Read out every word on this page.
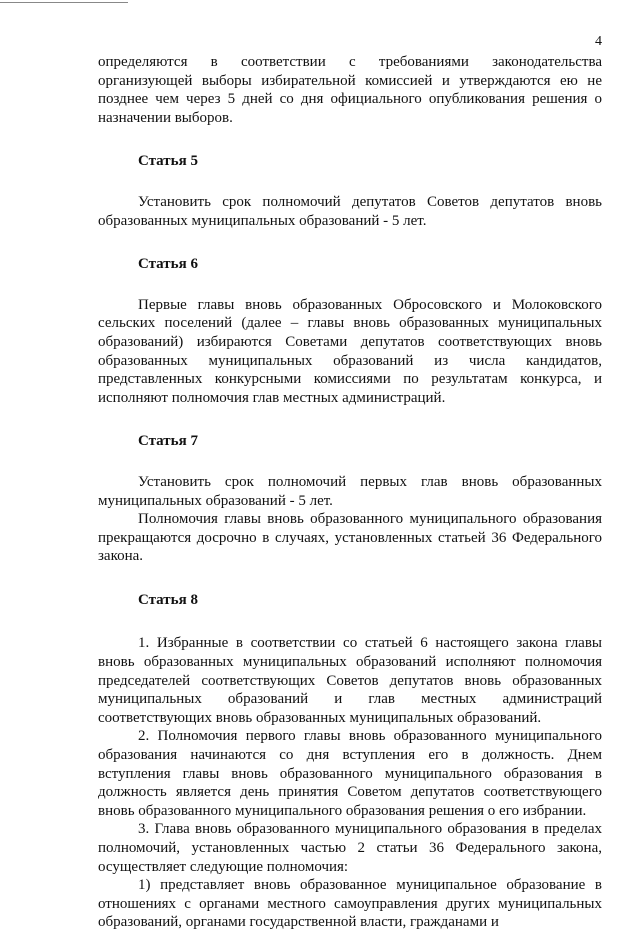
4

определяются в соответствии с требованиями законодательства организующей выборы избирательной комиссией и утверждаются ею не позднее чем через 5 дней со дня официального опубликования решения о назначении выборов.

Статья 5

Установить срок полномочий депутатов Советов депутатов вновь образованных муниципальных образований - 5 лет.

Статья 6

Первые главы вновь образованных Обросовского и Молоковского сельских поселений (далее – главы вновь образованных муниципальных образований) избираются Советами депутатов соответствующих вновь образованных муниципальных образований из числа кандидатов, представленных конкурсными комиссиями по результатам конкурса, и исполняют полномочия глав местных администраций.

Статья 7

Установить срок полномочий первых глав вновь образованных муниципальных образований - 5 лет.

Полномочия главы вновь образованного муниципального образования прекращаются досрочно в случаях, установленных статьей 36 Федерального закона.

Статья 8

1. Избранные в соответствии со статьей 6 настоящего закона главы вновь образованных муниципальных образований исполняют полномочия председателей соответствующих Советов депутатов вновь образованных муниципальных образований и глав местных администраций соответствующих вновь образованных муниципальных образований.

2. Полномочия первого главы вновь образованного муниципального образования начинаются со дня вступления его в должность. Днем вступления главы вновь образованного муниципального образования в должность является день принятия Советом депутатов соответствующего вновь образованного муниципального образования решения о его избрании.

3. Глава вновь образованного муниципального образования в пределах полномочий, установленных частью 2 статьи 36 Федерального закона, осуществляет следующие полномочия:

1) представляет вновь образованное муниципальное образование в отношениях с органами местного самоуправления других муниципальных образований, органами государственной власти, гражданами и
